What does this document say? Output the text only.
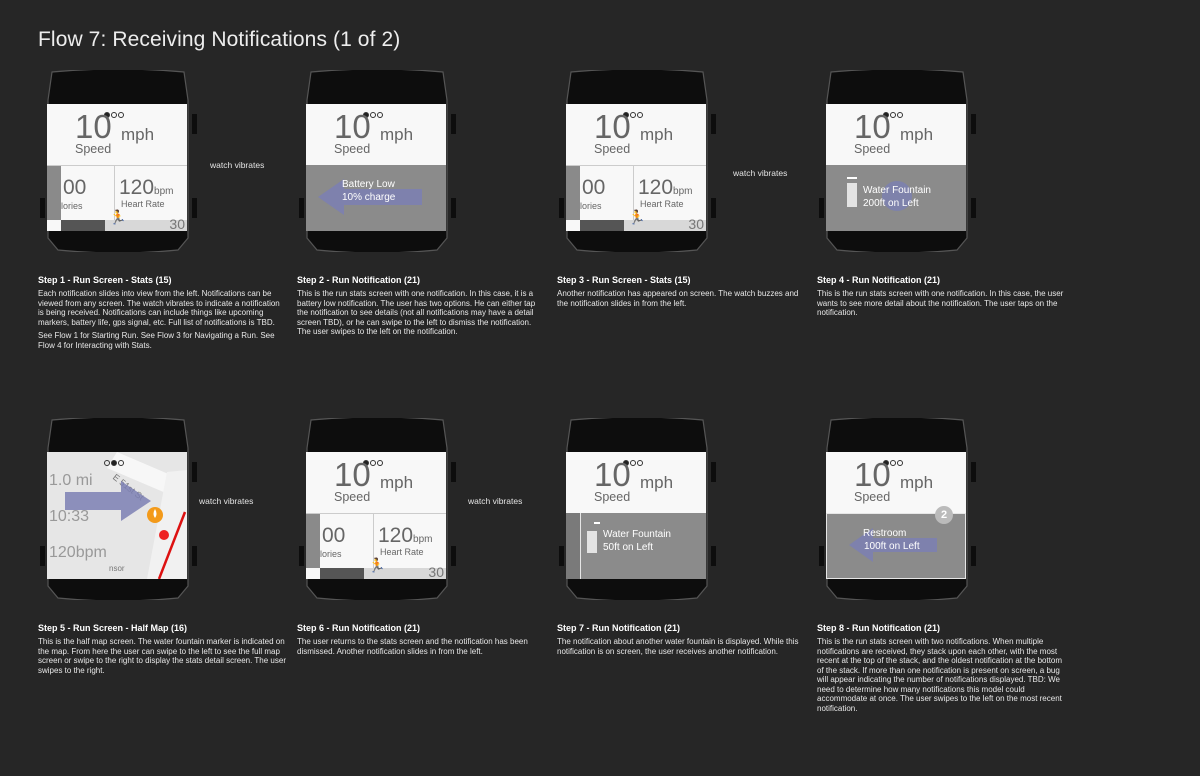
Flow 7: Receiving Notifications (1 of 2)
10 mph
Speed
00
lories
120bpm
Heart Rate
🏃	30
Step 1 - Run Screen - Stats (15)

Each notification slides into view from the left. Notifications can be viewed from any screen. The watch vibrates to indicate a notification is being received. Notifications can include things like upcoming markers, battery life, gps signal, etc. Full list of notifications is TBD.

See Flow 1 for Starting Run. See Flow 3 for Navigating a Run. See Flow 4 for Interacting with Stats.

watch vibrates
10 mph
Speed
Battery Low
10% charge
Step 2 - Run Notification (21)

This is the run stats screen with one notification. In this case, it is a battery low notification. The user has two options. He can either tap the notification to see details (not all notifications may have a detail screen TBD), or he can swipe to the left to dismiss the notification. The user swipes to the left on the notification.

10 mph
Speed
00
lories
120bpm
Heart Rate
🏃	30
Step 3 - Run Screen - Stats (15)

Another notification has appeared on screen. The watch buzzes and the notification slides in from the left.

watch vibrates
10 mph
Speed
Water Fountain
200ft on Left
Step 4 - Run Notification (21)

This is the run stats screen with one notification. In this case, the user wants to see more detail about the notification. The user taps on the notification.

1.0 mi
10:33
120bpm
nsor
Step 5 - Run Screen - Half Map (16)

This is the half map screen. The water fountain marker is indicated on the map. From here the user can swipe to the left to see the full map screen or swipe to the right to display the stats detail screen. The user swipes to the right.

watch vibrates
10 mph
Speed
00
lories
120bpm
Heart Rate
🏃	30
Step 6 - Run Notification (21)

The user returns to the stats screen and the notification has been dismissed. Another notification slides in from the left.

watch vibrates
10 mph
Speed
Water Fountain
50ft on Left
Step 7 - Run Notification (21)

The notification about another water fountain is displayed. While this notification is on screen, the user receives another notification.

10 mph
Speed
Restroom
100ft on Left
2
Step 8 - Run Notification (21)

This is the run stats screen with two notifications. When multiple notifications are received, they stack upon each other, with the most recent at the top of the stack, and the oldest notification at the bottom of the stack. If more than one notification is present on screen, a bug will appear indicating the number of notifications displayed. TBD: We need to determine how many notifications this model could accommodate at once. The user swipes to the left on the most recent notification.
